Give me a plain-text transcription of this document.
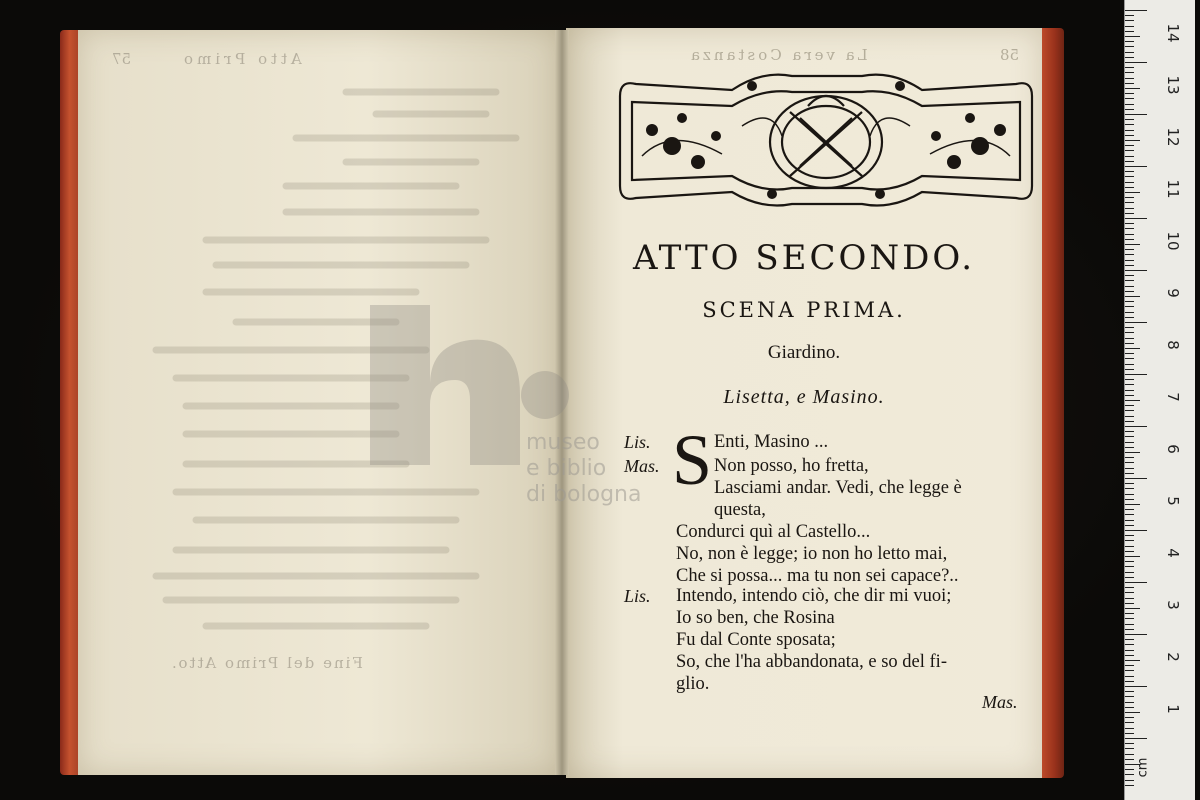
Atto Primo
57
Fine del Primo Atto.
La vera Costanza	58
ATTO SECONDO.
SCENA PRIMA.
Giardino.
Lisetta, e Masino.
S
Lis.
Mas.
Lis.
Enti, Masino ...
Non posso, ho fretta,
Lasciami andar. Vedi, che legge è
questa,
Condurci quì al Castello...
No, non è legge; io non ho letto mai,
Che si possa... ma tu non sei capace?..
Intendo, intendo ciò, che dir mi vuoi;
Io so ben, che Rosina
Fu dal Conte sposata;
So, che l'ha abbandonata, e so del fi-
glio.
Mas.
museo
e biblio
di bologna
14
13
12
11
10
9
8
7
6
5
4
3
2
1
cm
